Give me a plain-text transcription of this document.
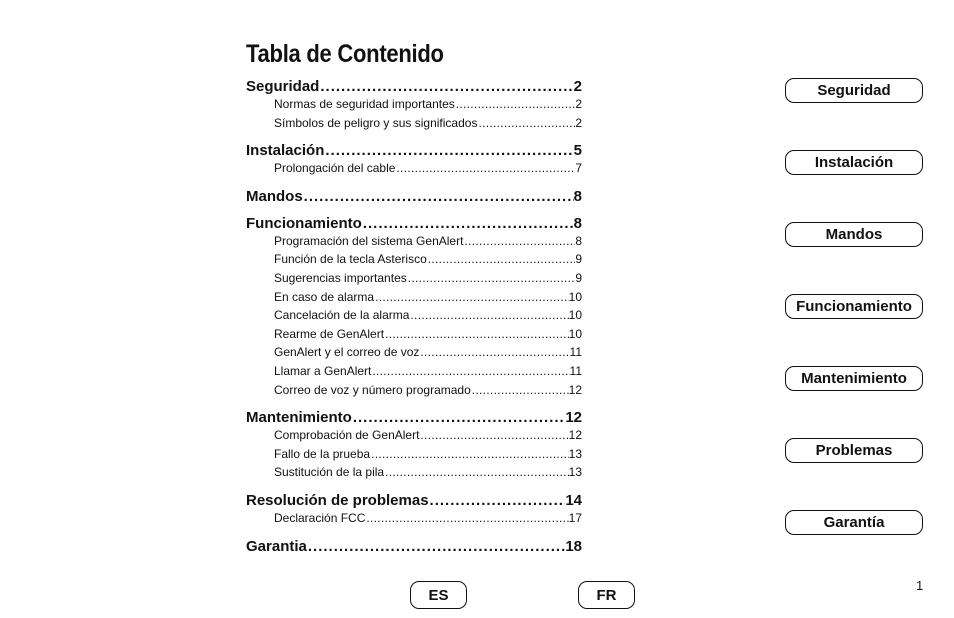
Tabla de Contenido
Seguridad .....	2
Normas de seguridad importantes .....	2
Símbolos de peligro y sus significados .....	2
Instalación .....	5
Prolongación del cable .....	7
Mandos .....	8
Funcionamiento .....	8
Programación del sistema GenAlert .....	8
Función de la tecla Asterisco .....	9
Sugerencias importantes .....	9
En caso de alarma .....	10
Cancelación de la alarma .....	10
Rearme de GenAlert .....	10
GenAlert y el correo de voz .....	11
Llamar a GenAlert .....	11
Correo de voz y número programado .....	12
Mantenimiento .....	12
Comprobación de GenAlert .....	12
Fallo de la prueba .....	13
Sustitución de la pila .....	13
Resolución de problemas .....	14
Declaración FCC .....	17
Garantia .....	18
Seguridad
Instalación
Mandos
Funcionamiento
Mantenimiento
Problemas
Garantía
ES	FR
1
